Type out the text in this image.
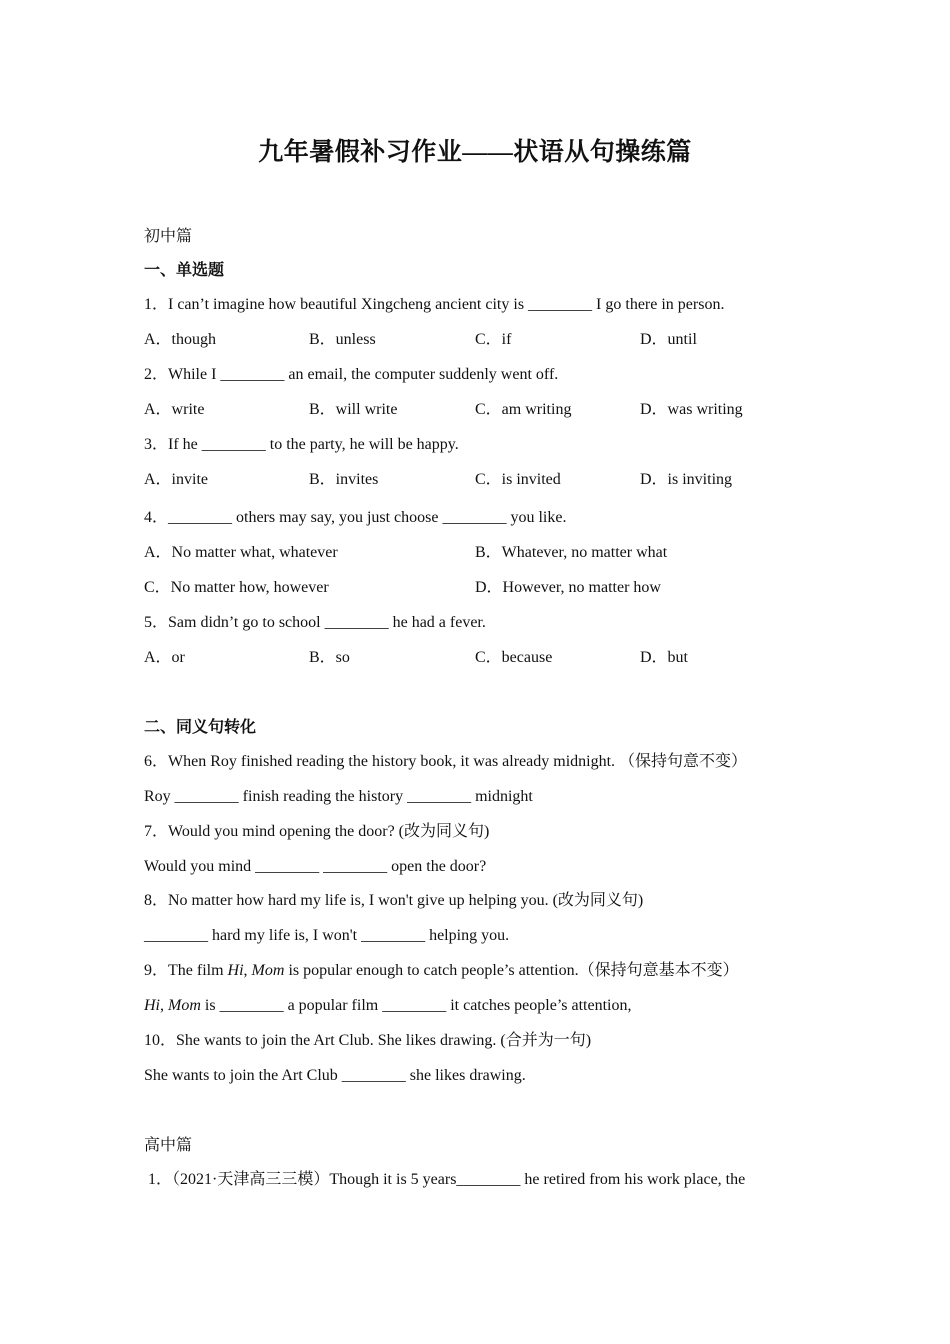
九年暑假补习作业——状语从句操练篇
初中篇
一、单选题
1．I can’t imagine how beautiful Xingcheng ancient city is ________ I go there in person.
A．though	B．unless	C．if	D．until
2．While I ________ an email, the computer suddenly went off.
A．write	B．will write	C．am writing	D．was writing
3．If he ________ to the party, he will be happy.
A．invite	B．invites	C．is invited	D．is inviting
4．________ others may say, you just choose ________ you like.
A．No matter what, whatever	B．Whatever, no matter what
C．No matter how, however	D．However, no matter how
5．Sam didn’t go to school ________ he had a fever.
A．or	B．so	C．because	D．but
二、同义句转化
6．When Roy finished reading the history book, it was already midnight. （保持句意不变）
Roy ________ finish reading the history ________ midnight
7．Would you mind opening the door? (改为同义句)
Would you mind ________ ________ open the door?
8．No matter how hard my life is, I won't give up helping you. (改为同义句)
________ hard my life is, I won't ________ helping you.
9．The film Hi, Mom is popular enough to catch people’s attention.（保持句意基本不变）
Hi, Mom is ________ a popular film ________ it catches people’s attention,
10．She wants to join the Art Club. She likes drawing. (合并为一句)
She wants to join the Art Club ________ she likes drawing.
高中篇
1．（2021·天津高三三模）Though it is 5 years________ he retired from his work place, the
